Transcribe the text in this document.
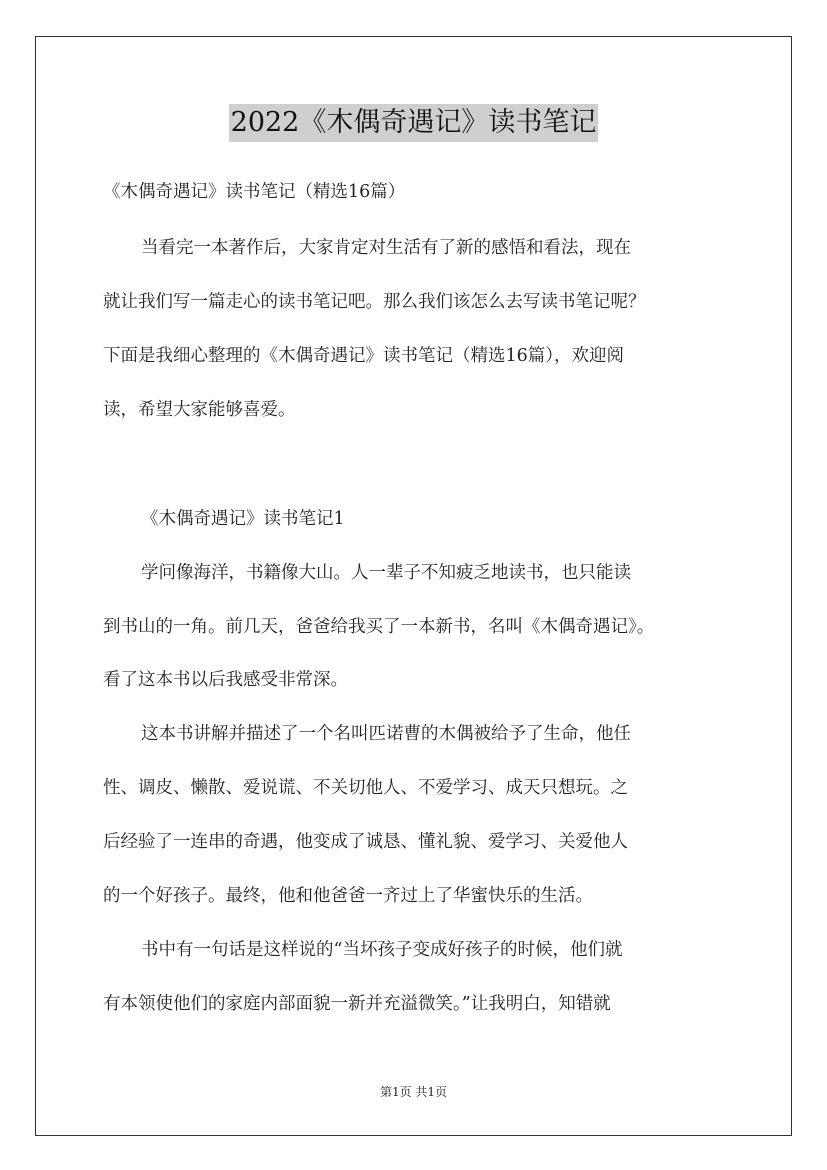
2022《木偶奇遇记》读书笔记
《木偶奇遇记》读书笔记（精选16篇）
当看完一本著作后，大家肯定对生活有了新的感悟和看法，现在
就让我们写一篇走心的读书笔记吧。那么我们该怎么去写读书笔记呢？
下面是我细心整理的《木偶奇遇记》读书笔记（精选16篇），欢迎阅
读，希望大家能够喜爱。
《木偶奇遇记》读书笔记1
学问像海洋，书籍像大山。人一辈子不知疲乏地读书，也只能读
到书山的一角。前几天，爸爸给我买了一本新书，名叫《木偶奇遇记》。
看了这本书以后我感受非常深。
这本书讲解并描述了一个名叫匹诺曹的木偶被给予了生命，他任
性、调皮、懒散、爱说谎、不关切他人、不爱学习、成天只想玩。之
后经验了一连串的奇遇，他变成了诚恳、懂礼貌、爱学习、关爱他人
的一个好孩子。最终，他和他爸爸一齐过上了华蜜快乐的生活。
书中有一句话是这样说的“当坏孩子变成好孩子的时候，他们就
有本领使他们的家庭内部面貌一新并充溢微笑。”让我明白，知错就
第1页 共1页
